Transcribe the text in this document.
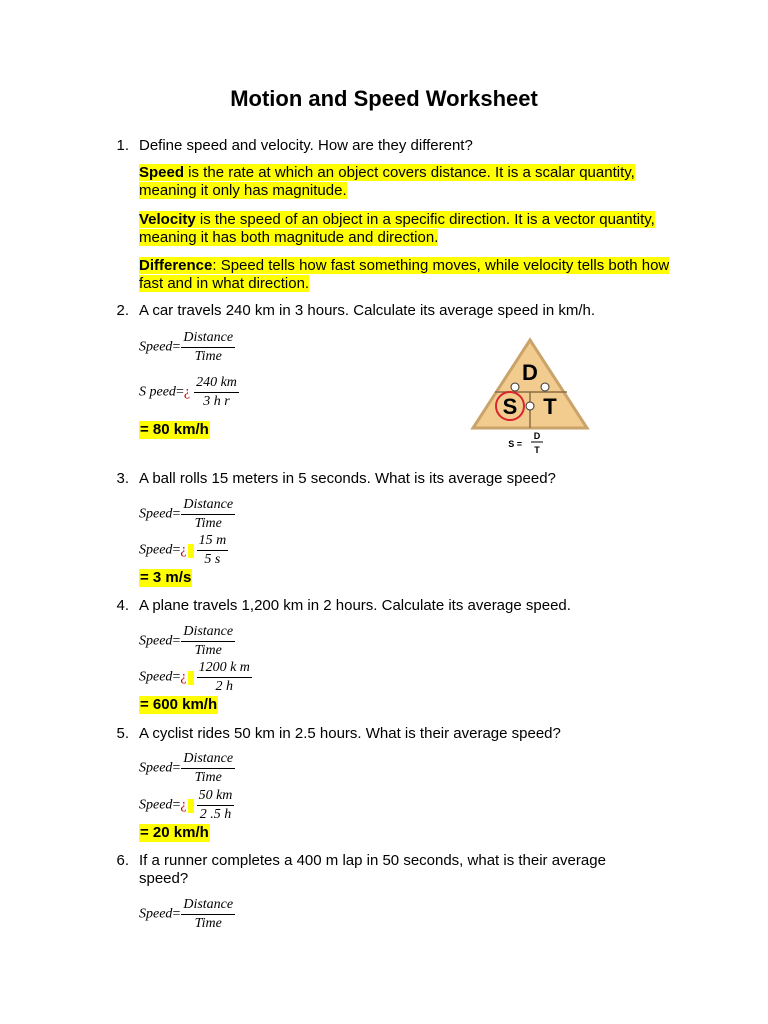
Motion and Speed Worksheet
1. Define speed and velocity. How are they different?
Speed is the rate at which an object covers distance. It is a scalar quantity, meaning it only has magnitude.
Velocity is the speed of an object in a specific direction. It is a vector quantity, meaning it has both magnitude and direction.
Difference: Speed tells how fast something moves, while velocity tells both how fast and in what direction.
2. A car travels 240 km in 3 hours. Calculate its average speed in km/h.
Speed= $\frac{\text{Distance}}{\text{Time}}$
S peed=¿ $\frac{240 km}{\text{3 h r}}$
= 80 km/h
D
S T
S =
D
T
3. A ball rolls 15 meters in 5 seconds. What is its average speed?
Speed= $\frac{\text{Distance}}{\text{Time}}$
Speed=¿ $\frac{15 m}{5 s}$
= 3 m/s
4. A plane travels 1,200 km in 2 hours. Calculate its average speed.
Speed= $\frac{\text{Distance}}{\text{Time}}$
Speed=¿ $\frac{\text{1200 k m}}{2 h}$
= 600 km/h
5. A cyclist rides 50 km in 2.5 hours. What is their average speed?
Speed= $\frac{\text{Distance}}{\text{Time}}$
Speed=¿ $\frac{50 km}{2 .5 h}$
= 20 km/h
6. If a runner completes a 400 m lap in 50 seconds, what is their average speed?
Speed= $\frac{\text{Distance}}{\text{Time}}$
